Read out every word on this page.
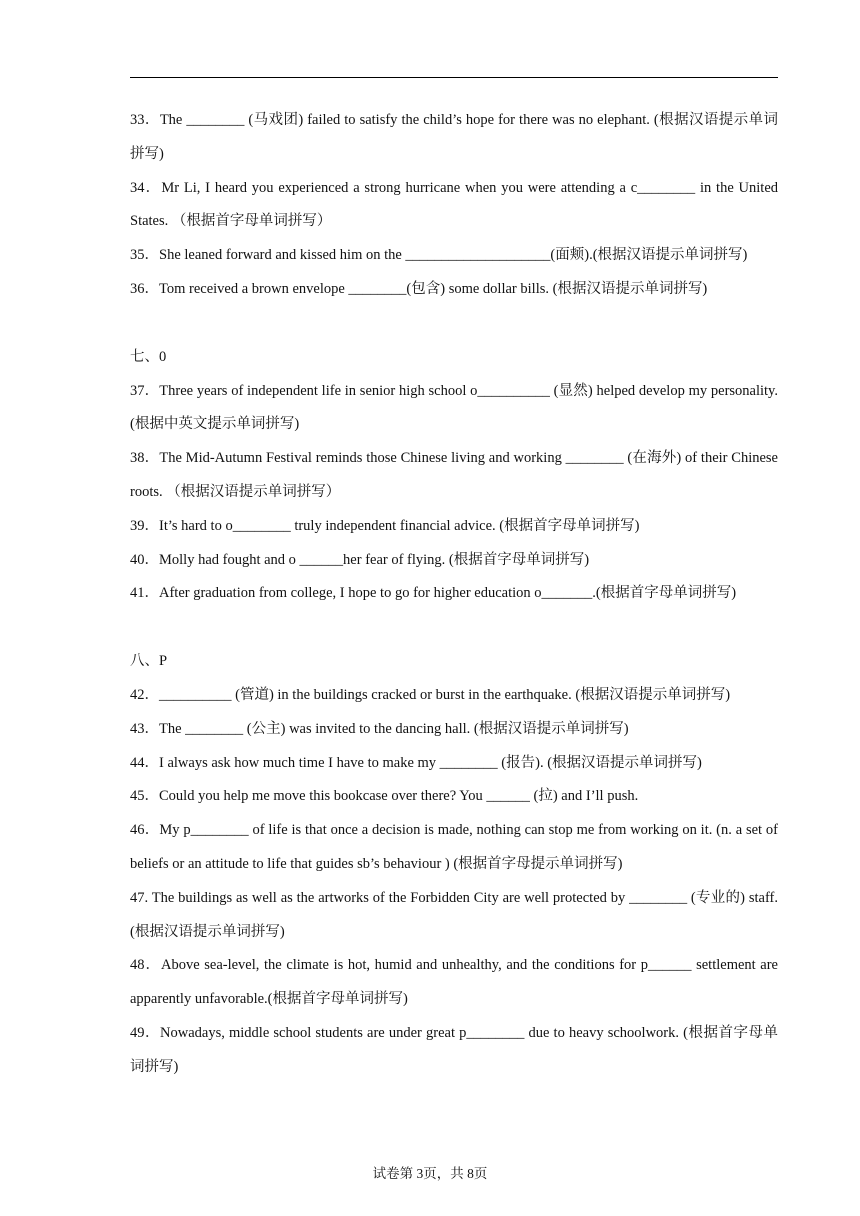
33．The ________ (马戏团) failed to satisfy the child’s hope for there was no elephant. (根据汉语提示单词拼写)

34．Mr Li, I heard you experienced a strong hurricane when you were attending a c________ in the United States. （根据首字母单词拼写）

35．She leaned forward and kissed him on the ____________________(面颊).(根据汉语提示单词拼写)

36．Tom received a brown envelope ________(包含) some dollar bills. (根据汉语提示单词拼写)

七、0

37．Three years of independent life in senior high school o__________ (显然) helped develop my personality. (根据中英文提示单词拼写)

38．The Mid-Autumn Festival reminds those Chinese living and working ________ (在海外) of their Chinese roots. （根据汉语提示单词拼写）

39．It’s hard to o________ truly independent financial advice. (根据首字母单词拼写)

40．Molly had fought and o ______her fear of flying. (根据首字母单词拼写)

41．After graduation from college, I hope to go for higher education o_______.(根据首字母单词拼写)

八、P

42．__________ (管道) in the buildings cracked or burst in the earthquake. (根据汉语提示单词拼写)

43．The ________ (公主) was invited to the dancing hall. (根据汉语提示单词拼写)

44．I always ask how much time I have to make my ________ (报告). (根据汉语提示单词拼写)

45．Could you help me move this bookcase over there? You ______ (拉) and I’ll push.

46．My p________ of life is that once a decision is made, nothing can stop me from working on it. (n. a set of beliefs or an attitude to life that guides sb’s behaviour ) (根据首字母提示单词拼写)

47. The buildings as well as the artworks of the Forbidden City are well protected by ________ (专业的) staff. (根据汉语提示单词拼写)

48．Above sea-level, the climate is hot, humid and unhealthy, and the conditions for p______ settlement are apparently unfavorable.(根据首字母单词拼写)

49．Nowadays, middle school students are under great p________ due to heavy schoolwork. (根据首字母单词拼写)

试卷第 3页，共 8页
